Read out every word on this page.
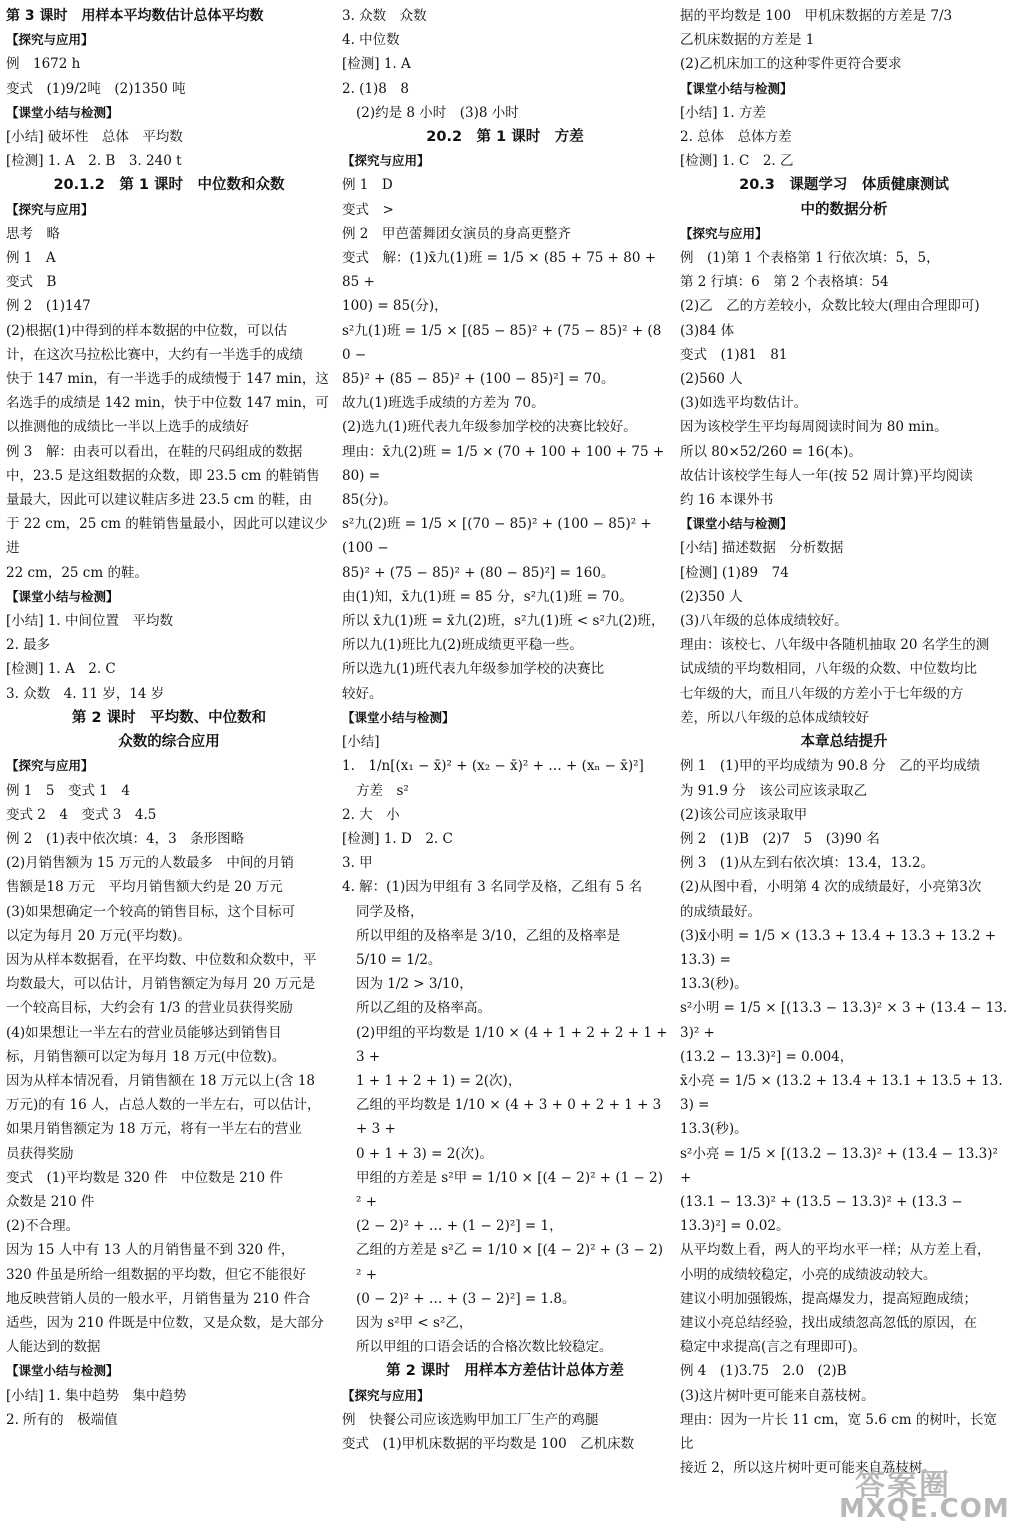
第 3 课时　用样本平均数估计总体平均数

【探究与应用】

例　1672 h

变式　(1)9/2吨　(2)1350 吨

【课堂小结与检测】

[小结] 破坏性　总体　平均数

[检测] 1. A　2. B　3. 240 t

20.1.2　第 1 课时　中位数和众数

【探究与应用】

思考　略

例 1　A

变式　B

例 2　(1)147

(2)根据(1)中得到的样本数据的中位数，可以估

计，在这次马拉松比赛中，大约有一半选手的成绩

快于 147 min，有一半选手的成绩慢于 147 min，这

名选手的成绩是 142 min，快于中位数 147 min，可

以推测他的成绩比一半以上选手的成绩好

例 3　解：由表可以看出，在鞋的尺码组成的数据

中，23.5 是这组数据的众数，即 23.5 cm 的鞋销售

量最大，因此可以建议鞋店多进 23.5 cm 的鞋，由

于 22 cm，25 cm 的鞋销售量最小，因此可以建议少进

22 cm，25 cm 的鞋。

【课堂小结与检测】

[小结] 1. 中间位置　平均数

2. 最多

[检测] 1. A　2. C

3. 众数　4. 11 岁，14 岁

第 2 课时　平均数、中位数和

众数的综合应用

【探究与应用】

例 1　5　变式 1　4

变式 2　4　变式 3　4.5

例 2　(1)表中依次填：4，3　条形图略

(2)月销售额为 15 万元的人数最多　中间的月销

售额是18 万元　平均月销售额大约是 20 万元

(3)如果想确定一个较高的销售目标，这个目标可

以定为每月 20 万元(平均数)。

因为从样本数据看，在平均数、中位数和众数中，平

均数最大，可以估计，月销售额定为每月 20 万元是

一个较高目标，大约会有 1/3 的营业员获得奖励

(4)如果想让一半左右的营业员能够达到销售目

标，月销售额可以定为每月 18 万元(中位数)。

因为从样本情况看，月销售额在 18 万元以上(含 18

万元)的有 16 人，占总人数的一半左右，可以估计，

如果月销售额定为 18 万元，将有一半左右的营业

员获得奖励

变式　(1)平均数是 320 件　中位数是 210 件

众数是 210 件

(2)不合理。

因为 15 人中有 13 人的月销售量不到 320 件，

320 件虽是所给一组数据的平均数，但它不能很好

地反映营销人员的一般水平，月销售量为 210 件合

适些，因为 210 件既是中位数，又是众数，是大部分

人能达到的数据

【课堂小结与检测】

[小结] 1. 集中趋势　集中趋势

2. 所有的　极端值

3. 众数　众数

4. 中位数

[检测] 1. A

2. (1)8　8

(2)约是 8 小时　(3)8 小时

20.2　第 1 课时　方差

【探究与应用】

例 1　D

变式　>

例 2　甲芭蕾舞团女演员的身高更整齐

变式　解：(1)x̄九(1)班 = 1/5 × (85 + 75 + 80 + 85 +

100) = 85(分)，

s²九(1)班 = 1/5 × [(85 − 85)² + (75 − 85)² + (80 −

85)² + (85 − 85)² + (100 − 85)²] = 70。

故九(1)班选手成绩的方差为 70。

(2)选九(1)班代表九年级参加学校的决赛比较好。

理由：x̄九(2)班 = 1/5 × (70 + 100 + 100 + 75 + 80) =

85(分)。

s²九(2)班 = 1/5 × [(70 − 85)² + (100 − 85)² + (100 −

85)² + (75 − 85)² + (80 − 85)²] = 160。

由(1)知，x̄九(1)班 = 85 分，s²九(1)班 = 70。

所以 x̄九(1)班 = x̄九(2)班，s²九(1)班 < s²九(2)班，

所以九(1)班比九(2)班成绩更平稳一些。

所以选九(1)班代表九年级参加学校的决赛比

较好。

【课堂小结与检测】

[小结]

1.　1/n[(x₁ − x̄)² + (x₂ − x̄)² + … + (xₙ − x̄)²]

方差　s²

2. 大　小

[检测] 1. D　2. C

3. 甲

4. 解：(1)因为甲组有 3 名同学及格，乙组有 5 名

同学及格，

所以甲组的及格率是 3/10，乙组的及格率是

5/10 = 1/2。

因为 1/2 > 3/10，

所以乙组的及格率高。

(2)甲组的平均数是 1/10 × (4 + 1 + 2 + 2 + 1 + 3 +

1 + 1 + 2 + 1) = 2(次)，

乙组的平均数是 1/10 × (4 + 3 + 0 + 2 + 1 + 3 + 3 +

0 + 1 + 3) = 2(次)。

甲组的方差是 s²甲 = 1/10 × [(4 − 2)² + (1 − 2)² +

(2 − 2)² + … + (1 − 2)²] = 1，

乙组的方差是 s²乙 = 1/10 × [(4 − 2)² + (3 − 2)² +

(0 − 2)² + … + (3 − 2)²] = 1.8。

因为 s²甲 < s²乙，

所以甲组的口语会话的合格次数比较稳定。

第 2 课时　用样本方差估计总体方差

【探究与应用】

例　快餐公司应该选购甲加工厂生产的鸡腿

变式　(1)甲机床数据的平均数是 100　乙机床数

据的平均数是 100　甲机床数据的方差是 7/3

乙机床数据的方差是 1

(2)乙机床加工的这种零件更符合要求

【课堂小结与检测】

[小结] 1. 方差

2. 总体　总体方差

[检测] 1. C　2. 乙

20.3　课题学习　体质健康测试

中的数据分析

【探究与应用】

例　(1)第 1 个表格第 1 行依次填：5，5，

第 2 行填：6　第 2 个表格填：54

(2)乙　乙的方差较小，众数比较大(理由合理即可)

(3)84 体

变式　(1)81　81

(2)560 人

(3)如选平均数估计。

因为该校学生平均每周阅读时间为 80 min。

所以 80×52/260 = 16(本)。

故估计该校学生每人一年(按 52 周计算)平均阅读

约 16 本课外书

【课堂小结与检测】

[小结] 描述数据　分析数据

[检测] (1)89　74

(2)350 人

(3)八年级的总体成绩较好。

理由：该校七、八年级中各随机抽取 20 名学生的测

试成绩的平均数相同，八年级的众数、中位数均比

七年级的大，而且八年级的方差小于七年级的方

差，所以八年级的总体成绩较好

本章总结提升

例 1　(1)甲的平均成绩为 90.8 分　乙的平均成绩

为 91.9 分　该公司应该录取乙

(2)该公司应该录取甲

例 2　(1)B　(2)7　5　(3)90 名

例 3　(1)从左到右依次填：13.4，13.2。

(2)从图中看，小明第 4 次的成绩最好，小亮第3次

的成绩最好。

(3)x̄小明 = 1/5 × (13.3 + 13.4 + 13.3 + 13.2 + 13.3) =

13.3(秒)。

s²小明 = 1/5 × [(13.3 − 13.3)² × 3 + (13.4 − 13.3)² +

(13.2 − 13.3)²] = 0.004，

x̄小亮 = 1/5 × (13.2 + 13.4 + 13.1 + 13.5 + 13.3) =

13.3(秒)。

s²小亮 = 1/5 × [(13.2 − 13.3)² + (13.4 − 13.3)² +

(13.1 − 13.3)² + (13.5 − 13.3)² + (13.3 −

13.3)²] = 0.02。

从平均数上看，两人的平均水平一样；从方差上看，

小明的成绩较稳定，小亮的成绩波动较大。

建议小明加强锻炼，提高爆发力，提高短跑成绩；

建议小亮总结经验，找出成绩忽高忽低的原因，在

稳定中求提高(言之有理即可)。

例 4　(1)3.75　2.0　(2)B

(3)这片树叶更可能来自荔枝树。

理由：因为一片长 11 cm，宽 5.6 cm 的树叶，长宽比

接近 2，所以这片树叶更可能来自荔枝树。

答案圈
MXQE.COM
